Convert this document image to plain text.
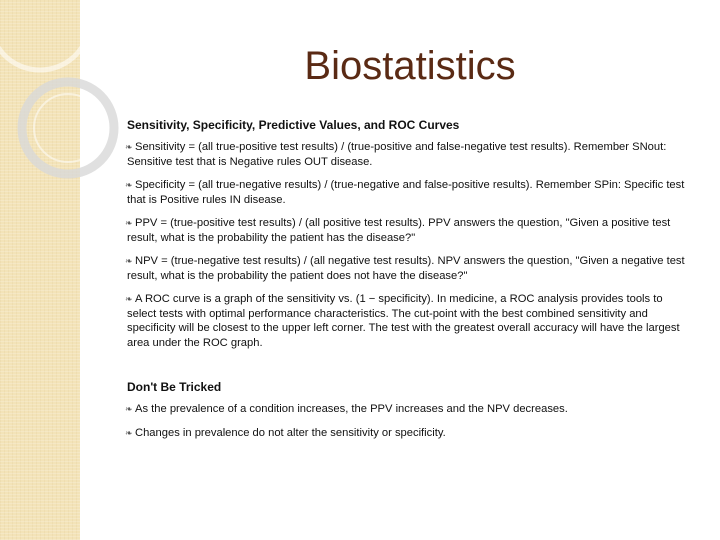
Biostatistics
Sensitivity, Specificity, Predictive Values, and ROC Curves
❧ Sensitivity = (all true-positive test results) / (true-positive and false-negative test results). Remember SNout: Sensitive test that is Negative rules OUT disease.
❧ Specificity = (all true-negative results) / (true-negative and false-positive results). Remember SPin: Specific test that is Positive rules IN disease.
❧ PPV = (true-positive test results) / (all positive test results). PPV answers the question, "Given a positive test result, what is the probability the patient has the disease?"
❧ NPV = (true-negative test results) / (all negative test results). NPV answers the question, "Given a negative test result, what is the probability the patient does not have the disease?"
❧ A ROC curve is a graph of the sensitivity vs. (1 − specificity). In medicine, a ROC analysis provides tools to select tests with optimal performance characteristics. The cut-point with the best combined sensitivity and specificity will be closest to the upper left corner. The test with the greatest overall accuracy will have the largest area under the ROC graph.
Don't Be Tricked
❧ As the prevalence of a condition increases, the PPV increases and the NPV decreases.
❧ Changes in prevalence do not alter the sensitivity or specificity.
